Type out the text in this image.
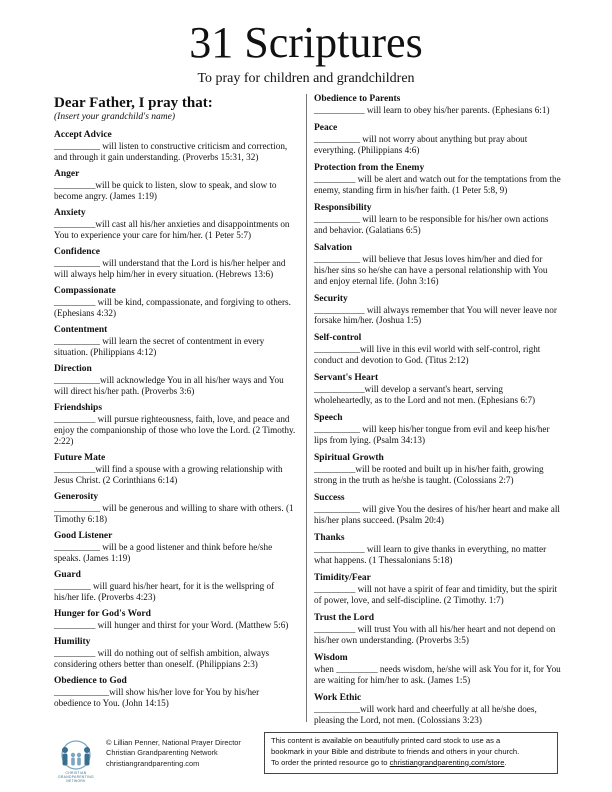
31 Scriptures
To pray for children and grandchildren
Dear Father, I pray that:
(Insert your grandchild's name)
Accept Advice
__________ will listen to constructive criticism and correction, and through it gain understanding. (Proverbs 15:31, 32)
Anger
_________will be quick to listen, slow to speak, and slow to become angry. (James 1:19)
Anxiety
_________will cast all his/her anxieties and disappointments on You to experience your care for him/her. (1 Peter 5:7)
Confidence
__________ will understand that the Lord is his/her helper and will always help him/her in every situation. (Hebrews 13:6)
Compassionate
_________ will be kind, compassionate, and forgiving to others. (Ephesians 4:32)
Contentment
__________ will learn the secret of contentment in every situation. (Philippians 4:12)
Direction
__________will acknowledge You in all his/her ways and You will direct his/her path. (Proverbs 3:6)
Friendships
_________ will pursue righteousness, faith, love, and peace and enjoy the companionship of those who love the Lord. (2 Timothy. 2:22)
Future Mate
_________will find a spouse with a growing relationship with Jesus Christ. (2 Corinthians 6:14)
Generosity
__________ will be generous and willing to share with others. (1 Timothy 6:18)
Good Listener
__________ will be a good listener and think before he/she speaks. (James 1:19)
Guard
________ will guard his/her heart, for it is the wellspring of his/her life. (Proverbs 4:23)
Hunger for God's Word
_________ will hunger and thirst for your Word. (Matthew 5:6)
Humility
_________ will do nothing out of selfish ambition, always considering others better than oneself. (Philippians 2:3)
Obedience to God
____________will show his/her love for You by his/her obedience to You. (John 14:15)
Obedience to Parents
___________ will learn to obey his/her parents. (Ephesians 6:1)
Peace
__________ will not worry about anything but pray about everything. (Philippians 4:6)
Protection from the Enemy
_________ will be alert and watch out for the temptations from the enemy, standing firm in his/her faith. (1 Peter 5:8, 9)
Responsibility
__________ will learn to be responsible for his/her own actions and behavior. (Galatians 6:5)
Salvation
__________ will believe that Jesus loves him/her and died for his/her sins so he/she can have a personal relationship with You and enjoy eternal life. (John 3:16)
Security
___________ will always remember that You will never leave nor forsake him/her. (Joshua 1:5)
Self-control
__________will live in this evil world with self-control, right conduct and devotion to God. (Titus 2:12)
Servant's Heart
___________will develop a servant's heart, serving wholeheartedly, as to the Lord and not men. (Ephesians 6:7)
Speech
__________ will keep his/her tongue from evil and keep his/her lips from lying. (Psalm 34:13)
Spiritual Growth
_________will be rooted and built up in his/her faith, growing strong in the truth as he/she is taught. (Colossians 2:7)
Success
__________ will give You the desires of his/her heart and make all his/her plans succeed. (Psalm 20:4)
Thanks
___________ will learn to give thanks in everything, no matter what happens. (1 Thessalonians 5:18)
Timidity/Fear
_________ will not have a spirit of fear and timidity, but the spirit of power, love, and self-discipline. (2 Timothy. 1:7)
Trust the Lord
_________ will trust You with all his/her heart and not depend on his/her own understanding. (Proverbs 3:5)
Wisdom
when _________ needs wisdom, he/she will ask You for it, for You are waiting for him/her to ask. (James 1:5)
Work Ethic
__________will work hard and cheerfully at all he/she does, pleasing the Lord, not men. (Colossians 3:23)
CHRISTIAN GRANDPARENTING NETWORK
© Lillian Penner, National Prayer Director
Christian Grandparenting Network
christiangrandparenting.com
This content is available on beautifully printed card stock to use as a
bookmark in your Bible and distribute to friends and others in your church.
To order the printed resource go to christiangrandparenting.com/store.
